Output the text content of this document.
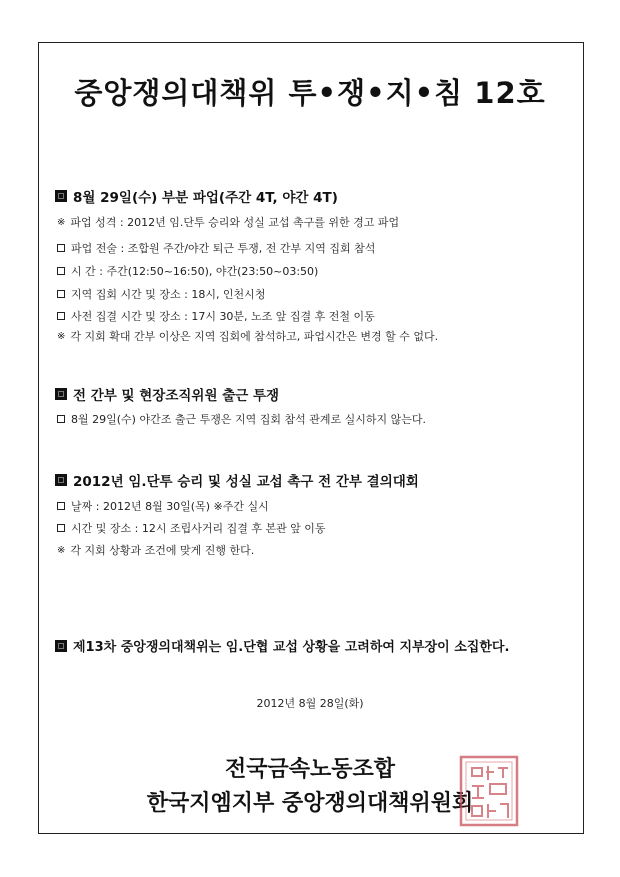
중앙쟁의대책위 투•쟁•지•침 12호
8월 29일(수) 부분 파업(주간 4T, 야간 4T)
※ 파업 성격 : 2012년 임.단투 승리와 성실 교섭 촉구를 위한 경고 파업
파업 전술 : 조합원 주간/야간 퇴근 투쟁, 전 간부 지역 집회 참석
시 간 : 주간(12:50~16:50), 야간(23:50~03:50)
지역 집회 시간 및 장소 : 18시, 인천시청
사전 집결 시간 및 장소 : 17시 30분, 노조 앞 집결 후 전철 이동
※ 각 지회 확대 간부 이상은 지역 집회에 참석하고, 파업시간은 변경 할 수 없다.
전 간부 및 현장조직위원 출근 투쟁
8월 29일(수) 야간조 출근 투쟁은 지역 집회 참석 관계로 실시하지 않는다.
2012년 임.단투 승리 및 성실 교섭 촉구 전 간부 결의대회
날짜 : 2012년 8월 30일(목) ※주간 실시
시간 및 장소 : 12시 조립사거리 집결 후 본관 앞 이동
※ 각 지회 상황과 조건에 맞게 진행 한다.
제13차 중앙쟁의대책위는 임.단협 교섭 상황을 고려하여 지부장이 소집한다.
2012년 8월 28일(화)
전국금속노동조합
한국지엠지부 중앙쟁의대책위원회
